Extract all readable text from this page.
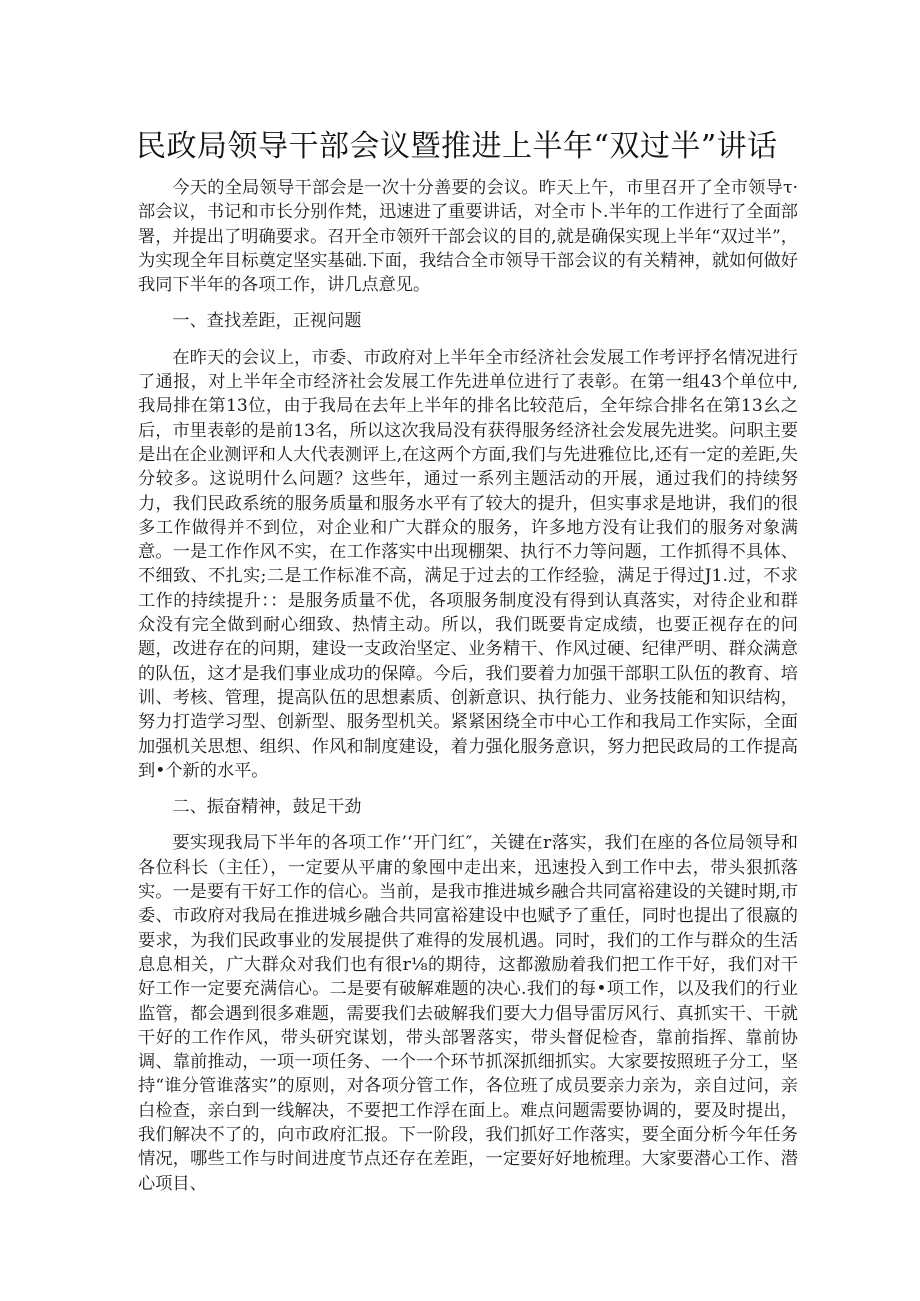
民政局领导干部会议暨推进上半年“双过半”讲话

今天的全局领导干部会是一次十分善要的会议。昨天上午，市里召开了全市领导τ·部会议，书记和市长分别作梵，迅速进了重要讲话，对全市卜.半年的工作进行了全面部署，并提出了明确要求。召开全市领歼干部会议的目的,就是确保实现上半年“双过半”，为实现全年目标奠定坚实基础.下面，我结合全市领导干部会议的有关精神，就如何做好我同下半年的各项工作，讲几点意见。

一、查找差距，正视问题

在昨天的会议上，市委、市政府对上半年全市经济社会发展工作考评抒名情况进行了通报，对上半年全市经济社会发展工作先进单位进行了表彰。在第一组43个单位中,我局排在第13位，由于我局在去年上半年的排名比较范后，全年综合排名在第13幺之后，市里表彰的是前13名，所以这次我局没有获得服务经济社会发展先进奖。问职主要是出在企业测评和人大代表测评上,在这两个方面,我们与先进雅位比,还有一定的差距,失分较多。这说明什么问题？这些年，通过一系列主题活动的开展，通过我们的持续努力，我们民政系统的服务质量和服务水平有了较大的提升，但实事求是地讲，我们的很多工作做得并不到位，对企业和广大群众的服务，许多地方没有让我们的服务对象满意。一是工作作风不实，在工作落实中出现棚架、执行不力等问题，工作抓得不具体、不细致、不扎实;二是工作标准不高，满足于过去的工作经验，满足于得过J1.过，不求工作的持续提升：：是服务质量不优，各项服务制度没有得到认真落实，对待企业和群众没有完全做到耐心细致、热情主动。所以，我们既要肯定成绩，也要正视存在的问题，改进存在的问期，建设一支政治坚定、业务精干、作风过硬、纪律严明、群众满意的队伍，这才是我们事业成功的保障。今后，我们要着力加强干部职工队伍的教育、培训、考核、管理，提高队伍的思想素质、创新意识、执行能力、业务技能和知识结构，努力打造学习型、创新型、服务型机关。紧紧困绕全市中心工作和我局工作实际，全面加强机关思想、组织、作风和制度建设，着力强化服务意识，努力把民政局的工作提高到•个新的水平。

二、振奋精神，鼓足干劲

要实现我局下半年的各项工作’‘开门红″，关键在r落实，我们在座的各位局领导和各位科长（主任），一定要从平庸的象囤中走出来，迅速投入到工作中去，带头狠抓落实。一是要有干好工作的信心。当前，是我市推进城乡融合共同富裕建设的关键时期,市委、市政府对我局在推进城乡融合共同富裕建设中也赋予了重任，同时也提出了很嬴的要求，为我们民政事业的发展提供了难得的发展机遇。同时，我们的工作与群众的生活息息相关，广大群众对我们也有很r⅛的期待，这都激励着我们把工作干好，我们对干好工作一定要充满信心。二是要有破解难题的决心.我们的每•项工作，以及我们的行业监管，都会遇到很多难题，需要我们去破解我们要大力倡导雷厉风行、真抓实干、干就干好的工作作风，带头研究谋划，带头部署落实，带头督促检杳，靠前指挥、靠前协调、靠前推动，一项一项任务、一个一个环节抓深抓细抓实。大家要按照班子分工，坚持“谁分管谁落实”的原则，对各项分管工作，各位班了成员要亲力亲为，亲自过问，亲白检查，亲白到一线解决，不要把工作浮在面上。难点问题需要协调的，要及时提出，我们解决不了的，向市政府汇报。下一阶段，我们抓好工作落实，要全面分析今年任务情况，哪些工作与时间进度节点还存在差距，一定要好好地梳理。大家要潜心工作、潜心项目、
